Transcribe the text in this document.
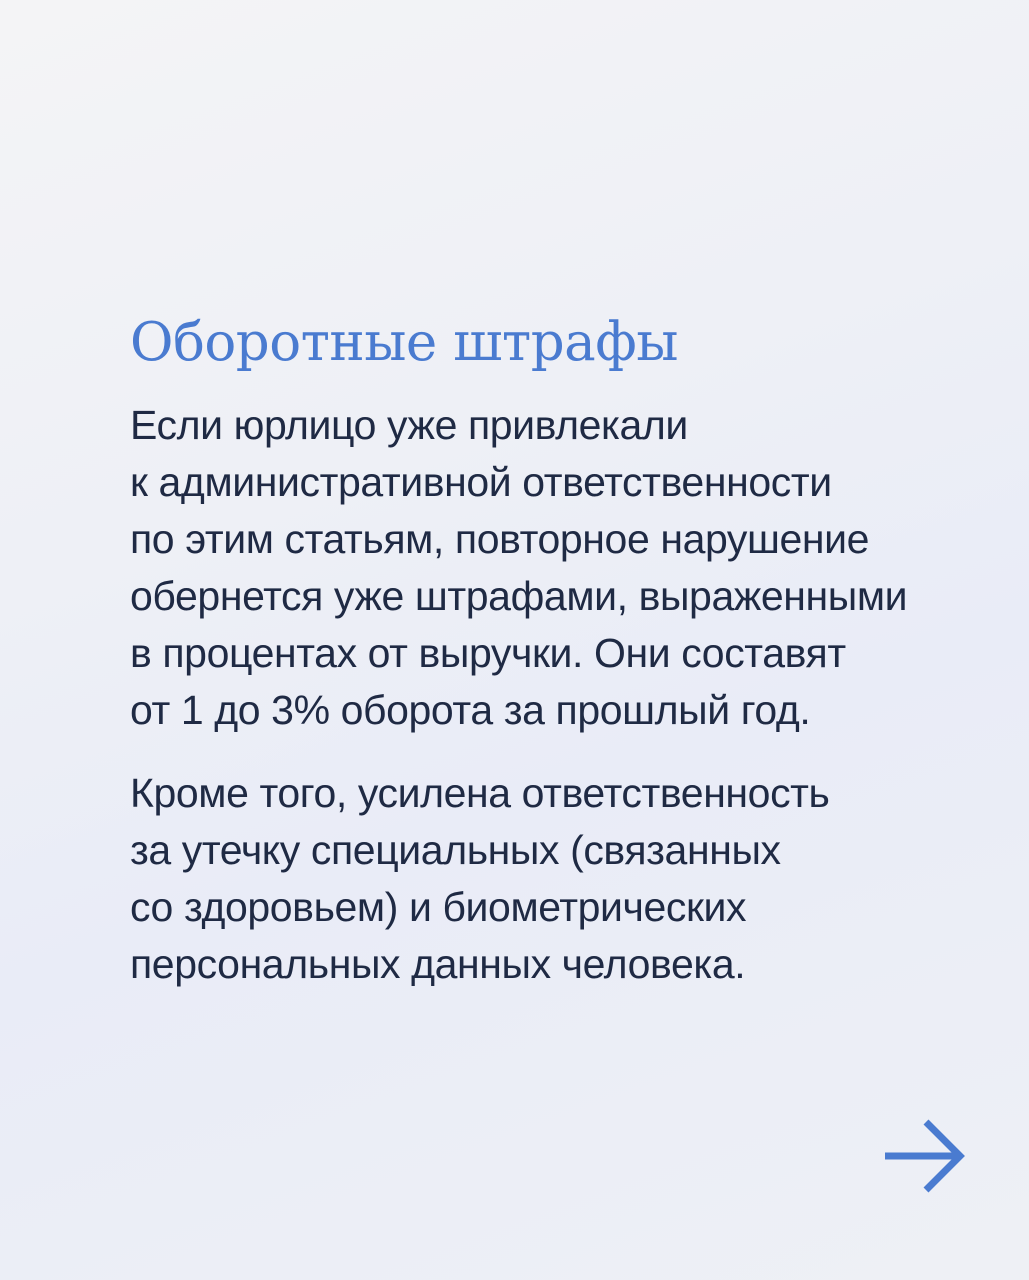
Оборотные штрафы

Если юрлицо уже привлекали
к административной ответственности
по этим статьям, повторное нарушение
обернется уже штрафами, выраженными
в процентах от выручки. Они составят
от 1 до 3% оборота за прошлый год.

Кроме того, усилена ответственность
за утечку специальных (связанных
со здоровьем) и биометрических
персональных данных человека.
